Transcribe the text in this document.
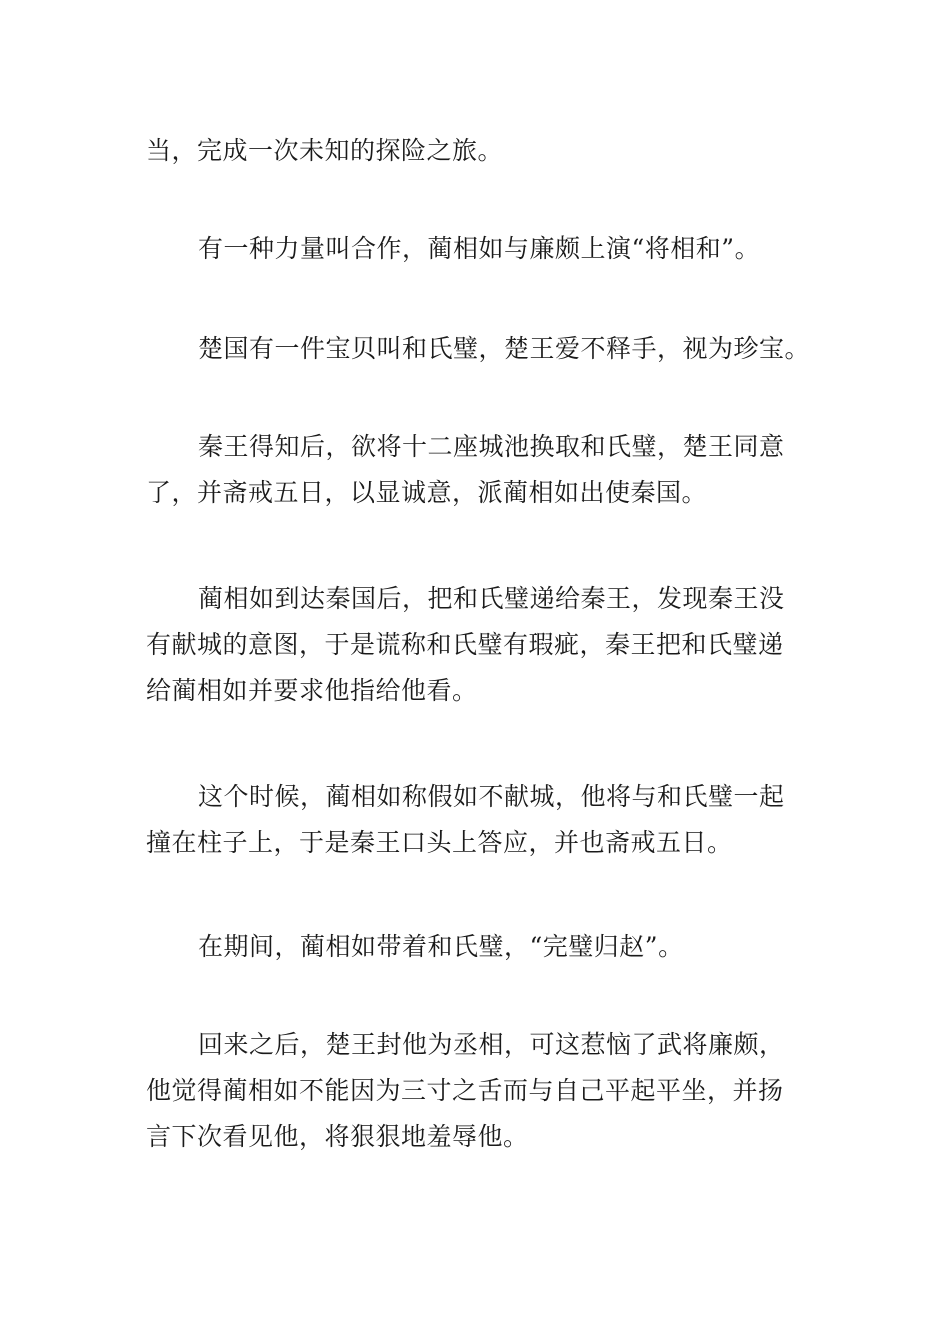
当，完成一次未知的探险之旅。
有一种力量叫合作，蔺相如与廉颇上演“将相和”。
楚国有一件宝贝叫和氏璧，楚王爱不释手，视为珍宝。
秦王得知后，欲将十二座城池换取和氏璧，楚王同意
了，并斋戒五日，以显诚意，派蔺相如出使秦国。
蔺相如到达秦国后，把和氏璧递给秦王，发现秦王没
有献城的意图，于是谎称和氏璧有瑕疵，秦王把和氏璧递
给蔺相如并要求他指给他看。
这个时候，蔺相如称假如不献城，他将与和氏璧一起
撞在柱子上，于是秦王口头上答应，并也斋戒五日。
在期间，蔺相如带着和氏璧，“完璧归赵”。
回来之后，楚王封他为丞相，可这惹恼了武将廉颇，
他觉得蔺相如不能因为三寸之舌而与自己平起平坐，并扬
言下次看见他，将狠狠地羞辱他。
